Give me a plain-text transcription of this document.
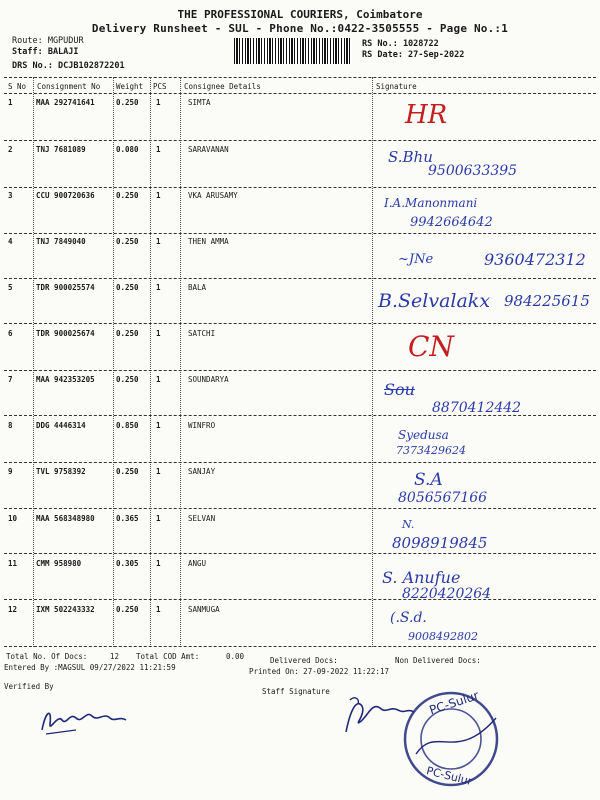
THE PROFESSIONAL COURIERS, Coimbatore
Delivery Runsheet - SUL - Phone No.:0422-3505555 - Page No.:1
Route: MGPUDUR
Staff: BALAJI
DRS No.: DCJB102872201
RS No.: 1028722
RS Date: 27-Sep-2022
S No Consignment No Weight PCS Consignee Details	Signature
1	MAA 292741641	0.250 1	SIMTA	HR
2	TNJ 7681089	0.080 1	SARAVANAN	S.Bhu
9500633395
3	CCU 900720636	0.250 1	VKA ARUSAMY
I.A.Manonmani
9942664642
4	TNJ 7849040	0.250 1	THEN AMMA
~JNe	9360472312
5	TDR 900025574	0.250 1	BALA
B.Selvalakx 984225615
6	TDR 900025674	0.250 1	SATCHI	CN
7	MAA 942353205	0.250 1	SOUNDARYA
Sou
8870412442
8	DDG 4446314	0.850 1	WINFRO
Syedusa
7373429624
9	TVL 9758392	0.250 1	SANJAY	S.A
8056567166
10	MAA 568348980	0.365 1	SELVAN	N.
8098919845
11	CMM 958980	0.305 1	ANGU
S. Anufue
8220420264
12	IXM 502243332	0.250 1	SANMUGA
(.S.d.
9008492802
Total No. Of Docs:	12 Total COD Amt:	0.00	Delivered Docs:	Non Delivered Docs:
Entered By :MAGSUL 09/27/2022 11:21:59	Printed On: 27-09-2022 11:22:17
Verified By
Staff Signature	PC-Sulur
PC-Sulur
